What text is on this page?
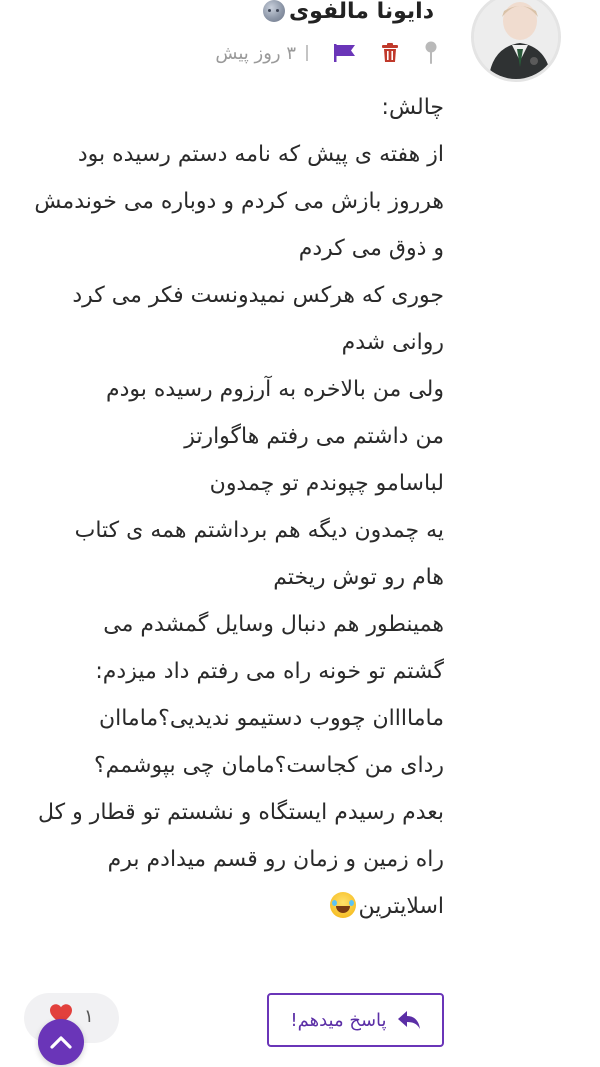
دایونا مالفوی
۳ روز پیش
چالش:
از هفته ی پیش که نامه دستم رسیده بود
هرروز بازش می کردم و دوباره می خوندمش
و ذوق می کردم
جوری که هرکس نمیدونست فکر می کرد
روانی شدم
ولی من بالاخره به آرزوم رسیده بودم
من داشتم می رفتم هاگوارتز
لباسامو چپوندم تو چمدون
یه چمدون دیگه هم برداشتم همه ی کتاب
هام رو توش ریختم
همینطور هم دنبال وسایل گمشدم می
گشتم تو خونه راه می رفتم داد میزدم:
ماماااان چووب دستیمو ندیدیی؟ماماان
ردای من کجاست؟مامان چی بپوشمم؟
بعدم رسیدم ایستگاه و نشستم تو قطار و کل
راه زمین و زمان رو قسم میدادم برم
اسلایترین
۱	پاسخ میدهم!
